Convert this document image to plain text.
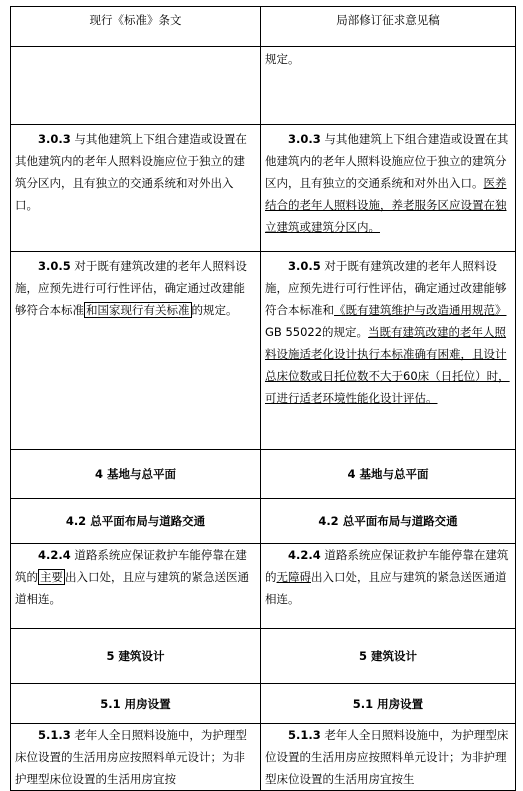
现行《标准》条文	局部修订征求意见稿

	规定。

3.0.3 与其他建筑上下组合建造或设置在其他建筑内的老年人照料设施应位于独立的建筑分区内，且有独立的交通系统和对外出入口。	3.0.3 与其他建筑上下组合建造或设置在其他建筑内的老年人照料设施应位于独立的建筑分区内，且有独立的交通系统和对外出入口。医养结合的老年人照料设施，养老服务区应设置在独立建筑或建筑分区内。

3.0.5 对于既有建筑改建的老年人照料设施，应预先进行可行性评估，确定通过改建能够符合本标准 和国家现行有关标准 的规定。	3.0.5 对于既有建筑改建的老年人照料设施，应预先进行可行性评估，确定通过改建能够符合本标准和《既有建筑维护与改造通用规范》GB 55022的规定。当既有建筑改建的老年人照料设施适老化设计执行本标准确有困难，且设计总床位数或日托位数不大于60床（日托位）时，可进行适老环境性能化设计评估。

4 基地与总平面	4 基地与总平面
4.2 总平面布局与道路交通	4.2 总平面布局与道路交通

4.2.4 道路系统应保证救护车能停靠在建筑的 主要 出入口处，且应与建筑的紧急送医通道相连。	4.2.4 道路系统应保证救护车能停靠在建筑的无障碍出入口处，且应与建筑的紧急送医通道相连。

5 建筑设计	5 建筑设计
5.1 用房设置	5.1 用房设置

5.1.3 老年人全日照料设施中，为护理型床位设置的生活用房应按照料单元设计；为非护理型床位设置的生活用房宜按	5.1.3 老年人全日照料设施中，为护理型床位设置的生活用房应按照料单元设计；为非护理型床位设置的生活用房宜按生
